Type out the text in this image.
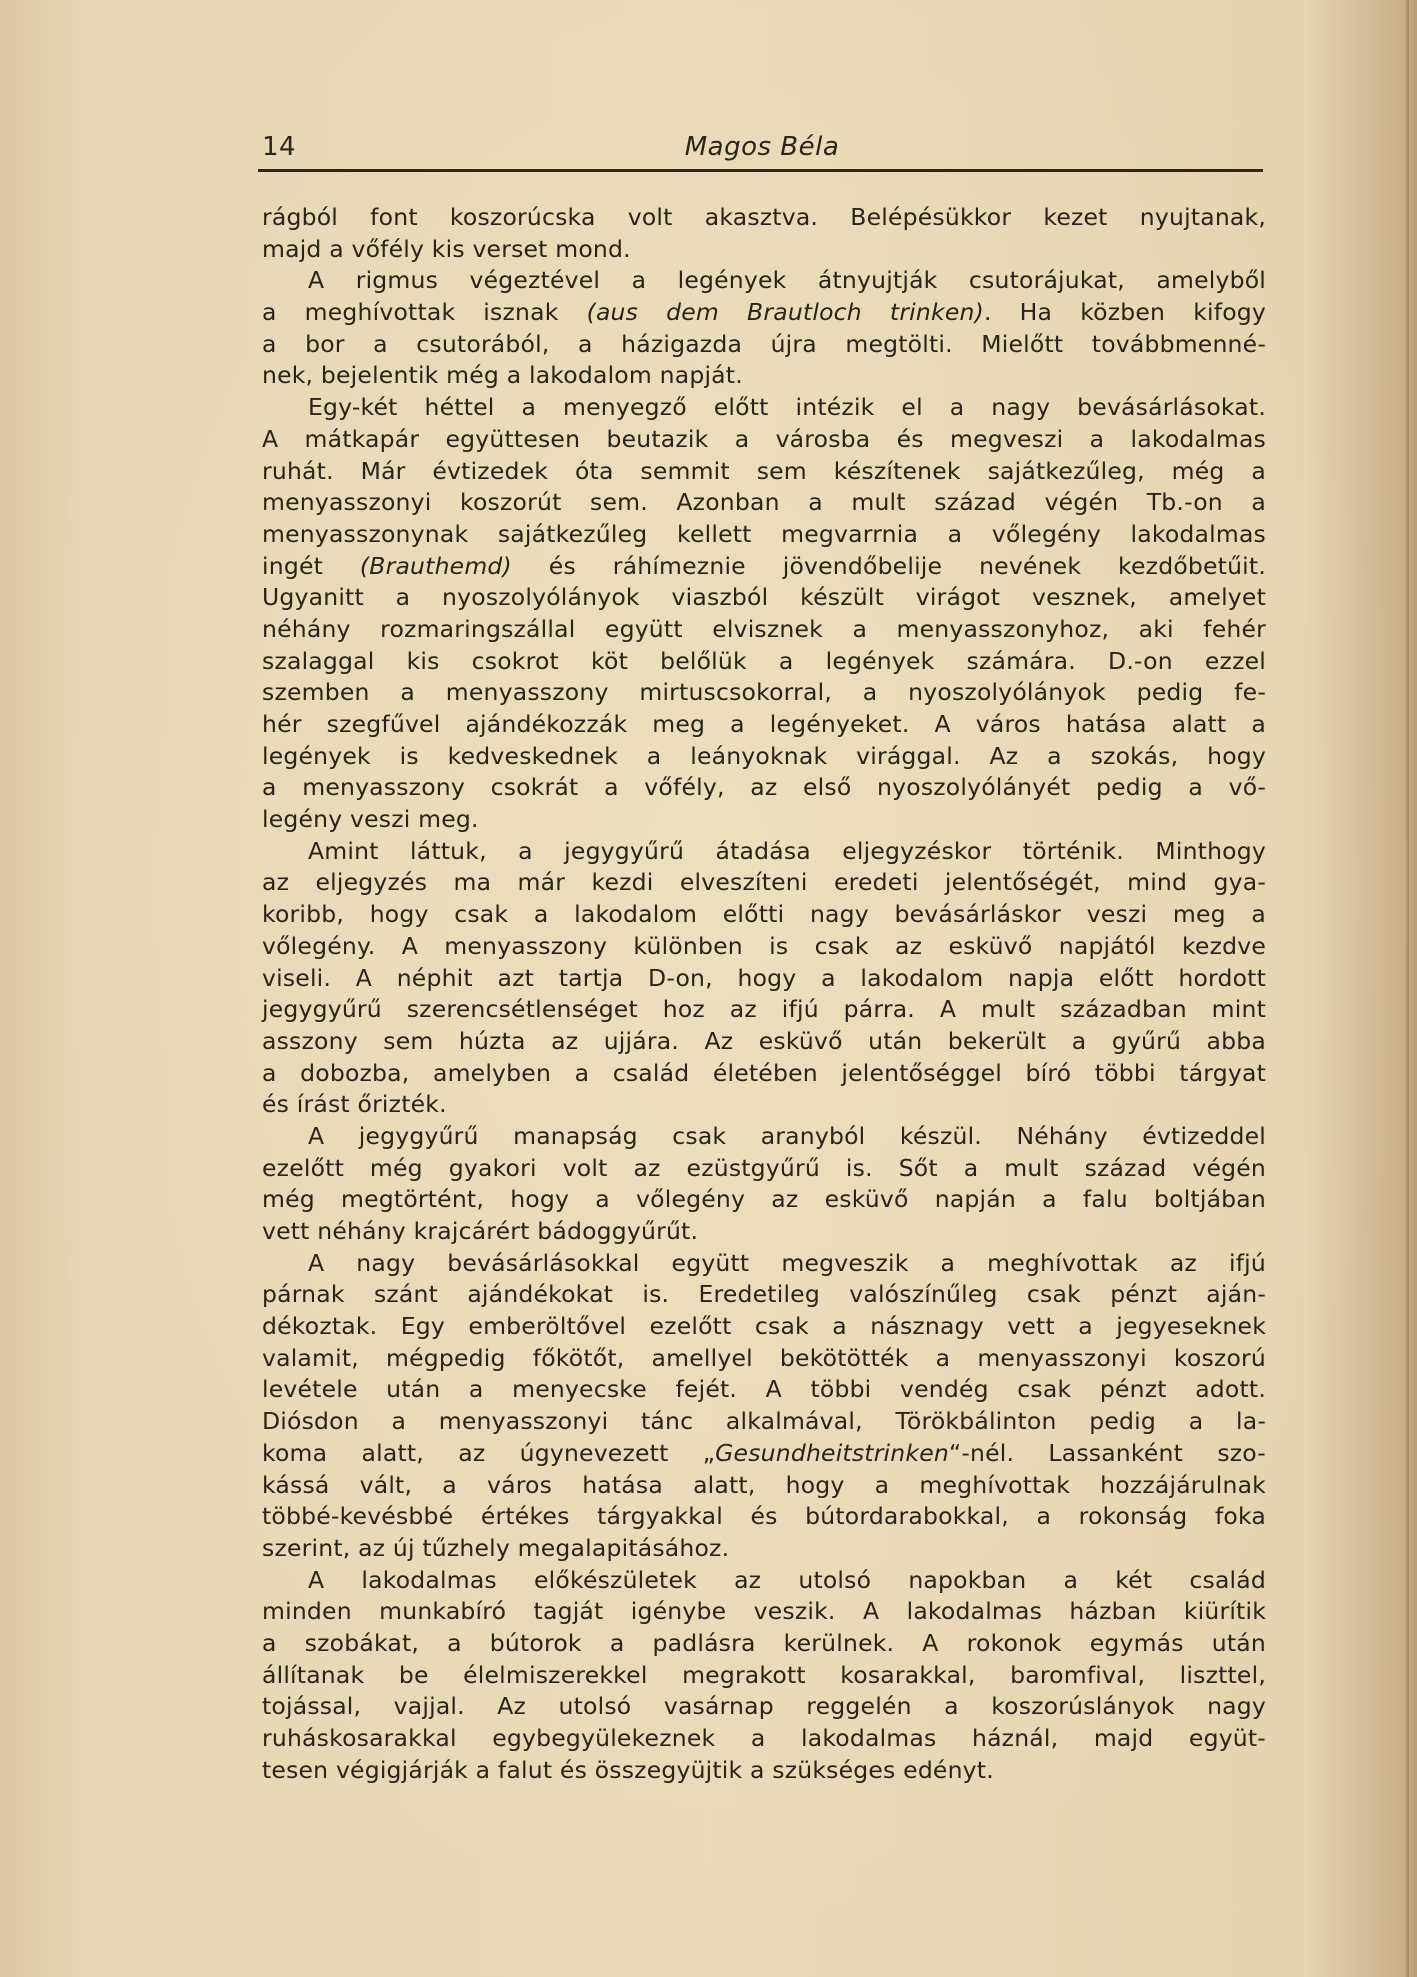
14	Magos Béla
rágból font koszorúcska volt akasztva. Belépésükkor kezet nyujtanak,
majd a vőfély kis verset mond.
A rigmus végeztével a legények átnyujtják csutorájukat, amelyből
a meghívottak isznak (aus dem Brautloch trinken). Ha közben kifogy
a bor a csutorából, a házigazda újra megtölti. Mielőtt továbbmenné-
nek, bejelentik még a lakodalom napját.
Egy-két héttel a menyegző előtt intézik el a nagy bevásárlásokat.
A mátkapár együttesen beutazik a városba és megveszi a lakodalmas
ruhát. Már évtizedek óta semmit sem készítenek sajátkezűleg, még a
menyasszonyi koszorút sem. Azonban a mult század végén Tb.-on a
menyasszonynak sajátkezűleg kellett megvarrnia a vőlegény lakodalmas
ingét (Brauthemd) és ráhímeznie jövendőbelije nevének kezdőbetűit.
Ugyanitt a nyoszolyólányok viaszból készült virágot vesznek, amelyet
néhány rozmaringszállal együtt elvisznek a menyasszonyhoz, aki fehér
szalaggal kis csokrot köt belőlük a legények számára. D.-on ezzel
szemben a menyasszony mirtuscsokorral, a nyoszolyólányok pedig fe-
hér szegfűvel ajándékozzák meg a legényeket. A város hatása alatt a
legények is kedveskednek a leányoknak virággal. Az a szokás, hogy
a menyasszony csokrát a vőfély, az első nyoszolyólányét pedig a vő-
legény veszi meg.
Amint láttuk, a jegygyűrű átadása eljegyzéskor történik. Minthogy
az eljegyzés ma már kezdi elveszíteni eredeti jelentőségét, mind gya-
koribb, hogy csak a lakodalom előtti nagy bevásárláskor veszi meg a
vőlegény. A menyasszony különben is csak az esküvő napjától kezdve
viseli. A néphit azt tartja D-on, hogy a lakodalom napja előtt hordott
jegygyűrű szerencsétlenséget hoz az ifjú párra. A mult században mint
asszony sem húzta az ujjára. Az esküvő után bekerült a gyűrű abba
a dobozba, amelyben a család életében jelentőséggel bíró többi tárgyat
és írást őrizték.
A jegygyűrű manapság csak aranyból készül. Néhány évtizeddel
ezelőtt még gyakori volt az ezüstgyűrű is. Sőt a mult század végén
még megtörtént, hogy a vőlegény az esküvő napján a falu boltjában
vett néhány krajcárért bádoggyűrűt.
A nagy bevásárlásokkal együtt megveszik a meghívottak az ifjú
párnak szánt ajándékokat is. Eredetileg valószínűleg csak pénzt aján-
dékoztak. Egy emberöltővel ezelőtt csak a násznagy vett a jegyeseknek
valamit, mégpedig főkötőt, amellyel bekötötték a menyasszonyi koszorú
levétele után a menyecske fejét. A többi vendég csak pénzt adott.
Diósdon a menyasszonyi tánc alkalmával, Törökbálinton pedig a la-
koma alatt, az úgynevezett „Gesundheitstrinken“-nél. Lassanként szo-
kássá vált, a város hatása alatt, hogy a meghívottak hozzájárulnak
többé-kevésbbé értékes tárgyakkal és bútordarabokkal, a rokonság foka
szerint, az új tűzhely megalapitásához.
A lakodalmas előkészületek az utolsó napokban a két család
minden munkabíró tagját igénybe veszik. A lakodalmas házban kiürítik
a szobákat, a bútorok a padlásra kerülnek. A rokonok egymás után
állítanak be élelmiszerekkel megrakott kosarakkal, baromfival, liszttel,
tojással, vajjal. Az utolsó vasárnap reggelén a koszorúslányok nagy
ruháskosarakkal egybegyülekeznek a lakodalmas háznál, majd együt-
tesen végigjárják a falut és összegyüjtik a szükséges edényt.
